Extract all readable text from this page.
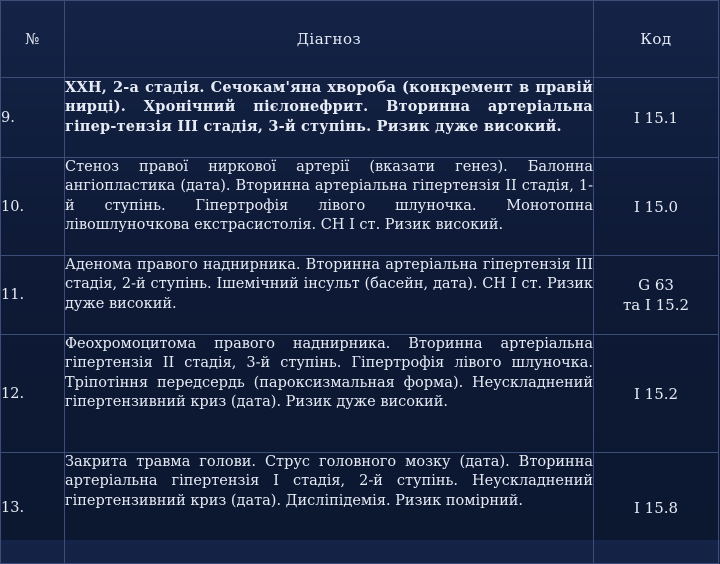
№	Діагноз	Код
9.	ХХН, 2-а стадія. Сечокам'яна хвороба (конкремент в правій нирці). Хронічний пієлонефрит. Вторинна артеріальна гіпер-тензія ІІІ стадія, 3-й ступінь. Ризик дуже високий.	І 15.1

10.	Стеноз правої ниркової артерії (вказати генез). Балонна ангіопластика (дата). Вторинна артеріальна гіпертензія ІІ стадія, 1-й ступінь. Гіпертрофія лівого шлуночка. Монотопна лівошлуночкова екстрасистолія. СН І ст. Ризик високий.	І 15.0

11.	Аденома правого наднирника. Вторинна артеріальна гіпертензія ІІІ стадія, 2-й ступінь. Ішемічний інсульт (басейн, дата). СН І ст. Ризик дуже високий.	G 63
та І 15.2

12.	Феохромоцитома правого наднирника. Вторинна артеріальна гіпертензія ІІ стадія, 3-й ступінь. Гіпертрофія лівого шлуночка. Тріпотіння передсердь (пароксизмальная форма). Неускладнений гіпертензивний криз (дата). Ризик дуже високий.	І 15.2

13.	Закрита травма голови. Струс головного мозку (дата). Вторинна артеріальна гіпертензія І стадія, 2-й ступінь. Неускладнений гіпертензивний криз (дата). Дисліпідемія. Ризик помірний.	І 15.8
